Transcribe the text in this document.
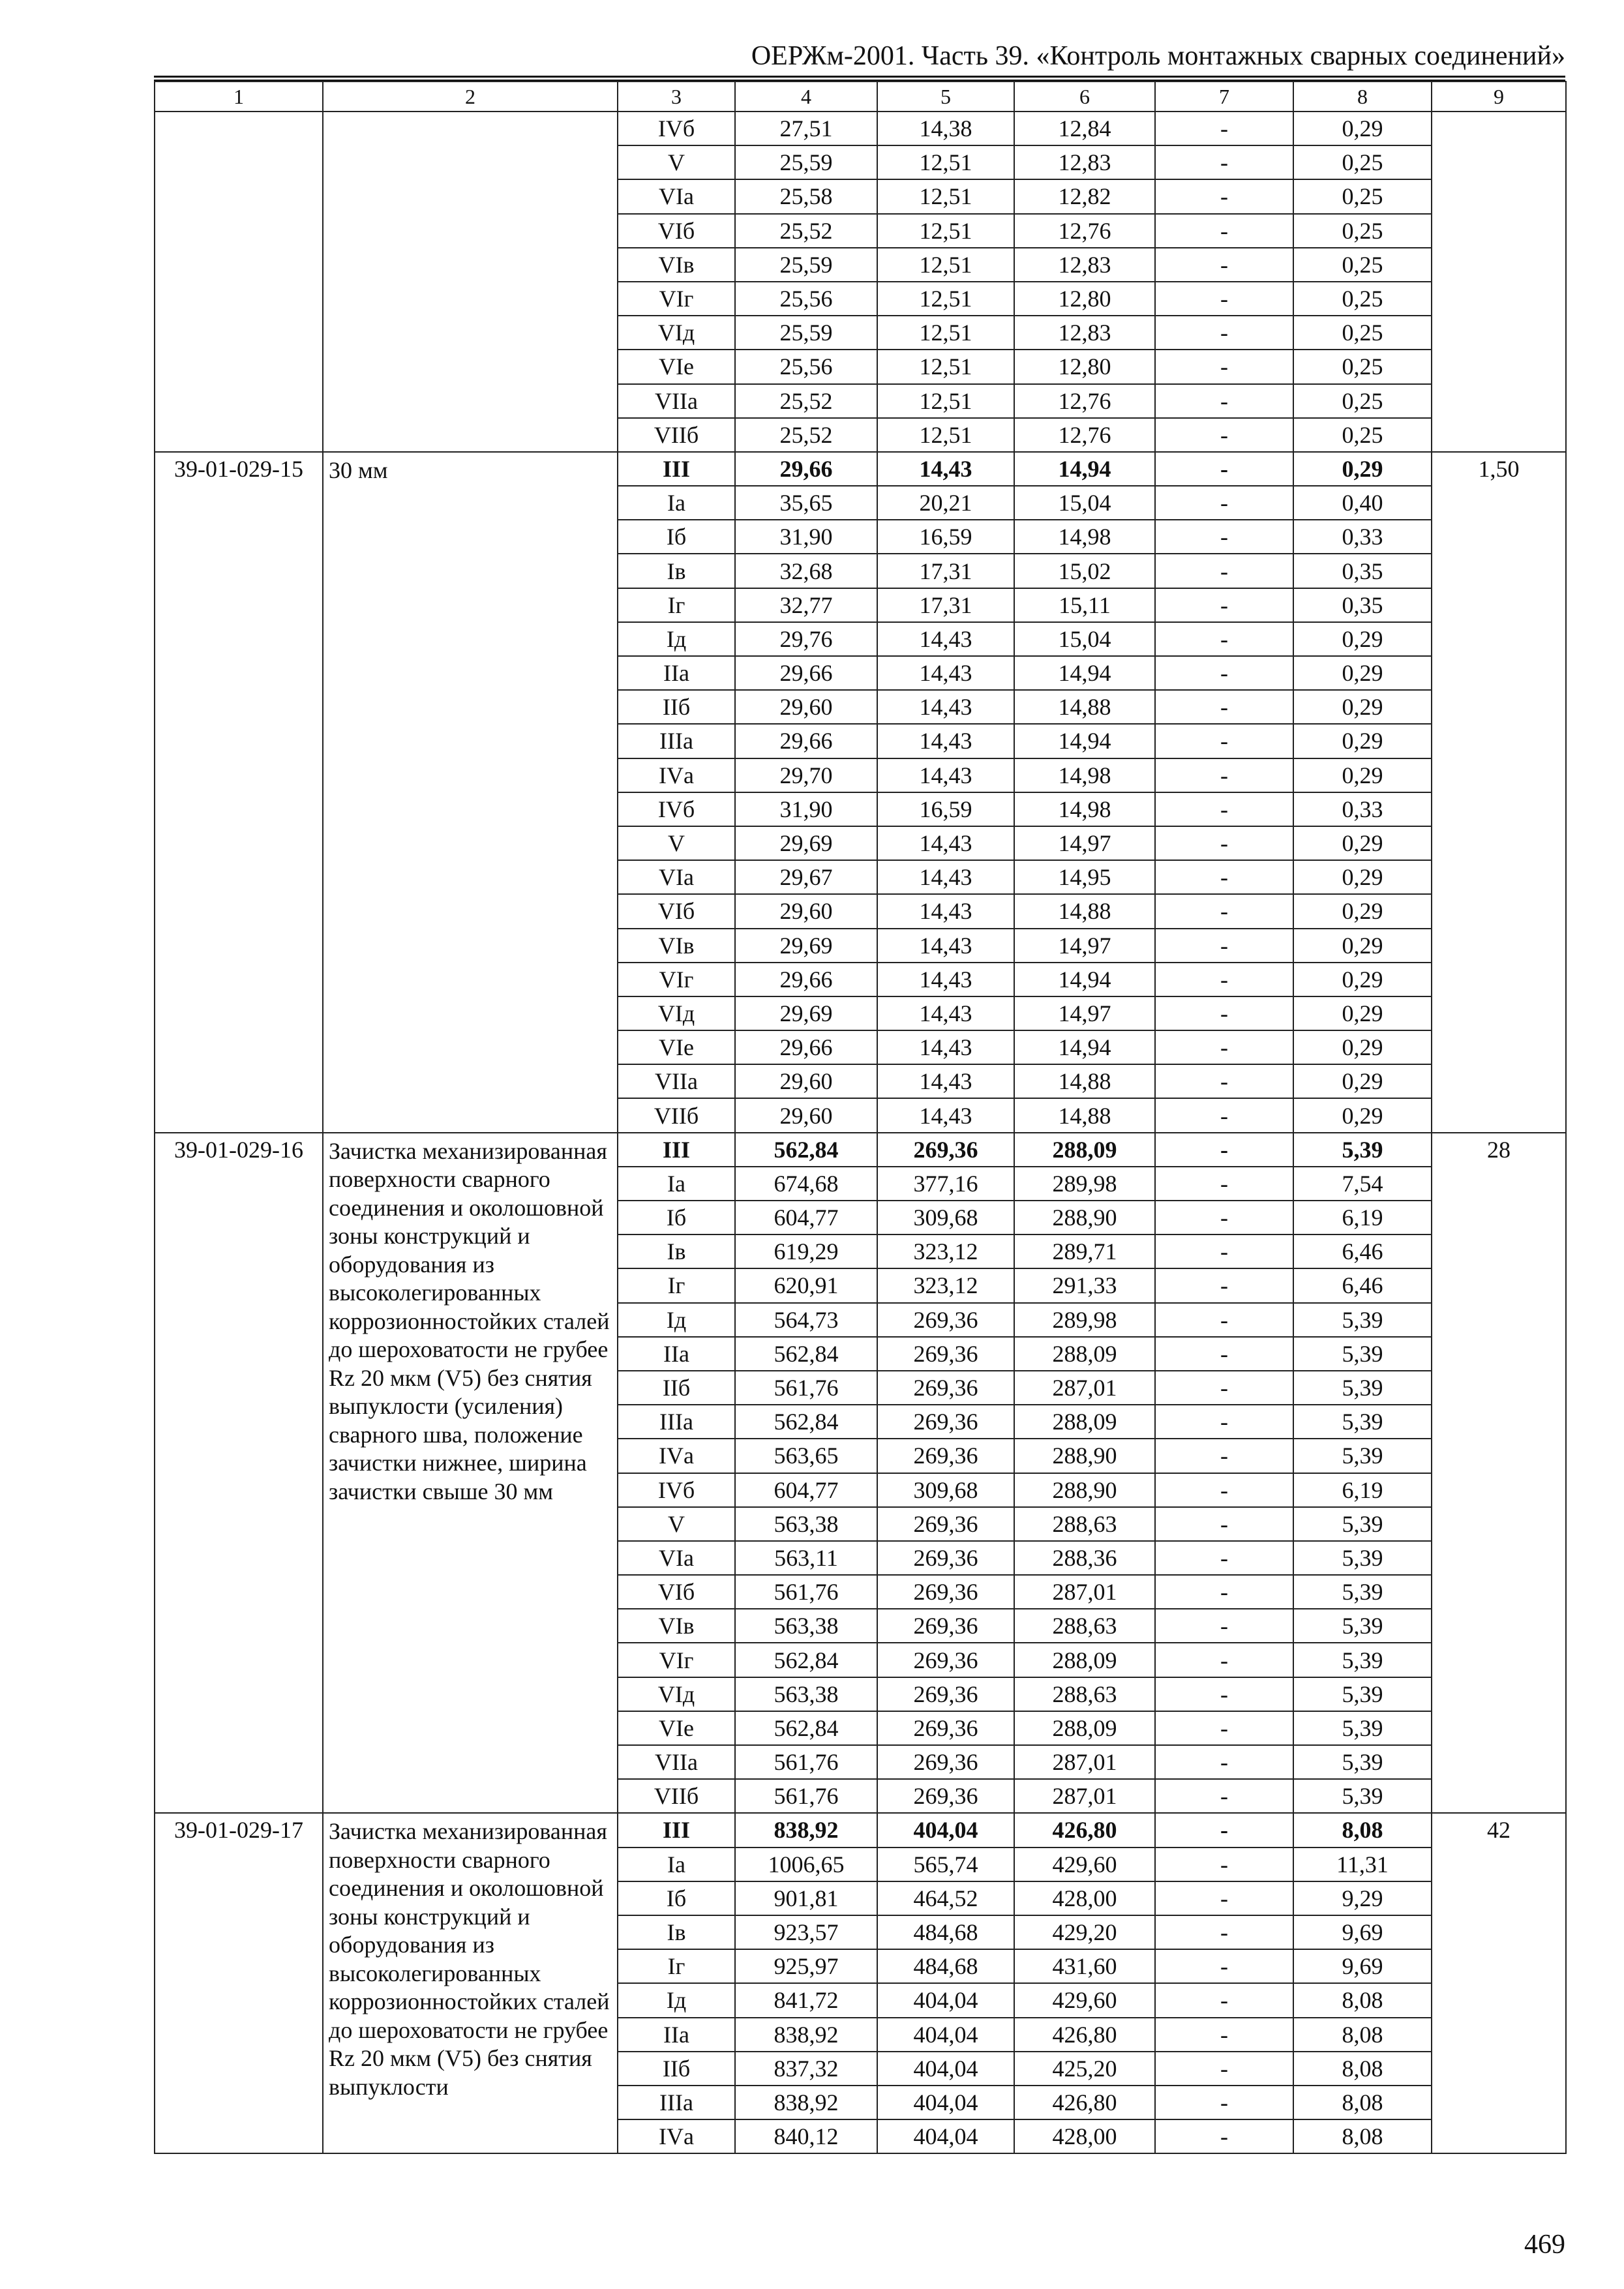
ОЕРЖм-2001. Часть 39. «Контроль монтажных сварных соединений»
1	2	3	4	5	6	7	8	9
		IVб	27,51	14,38	12,84	-	0,29	
		V	25,59	12,51	12,83	-	0,25	
		VIа	25,58	12,51	12,82	-	0,25	
		VIб	25,52	12,51	12,76	-	0,25	
		VIв	25,59	12,51	12,83	-	0,25	
		VIг	25,56	12,51	12,80	-	0,25	
		VIд	25,59	12,51	12,83	-	0,25	
		VIе	25,56	12,51	12,80	-	0,25	
		VIIа	25,52	12,51	12,76	-	0,25	
		VIIб	25,52	12,51	12,76	-	0,25	
39-01-029-15	30 мм	III	29,66	14,43	14,94	-	0,29	1,50
		Iа	35,65	20,21	15,04	-	0,40	
		Iб	31,90	16,59	14,98	-	0,33	
		Iв	32,68	17,31	15,02	-	0,35	
		Iг	32,77	17,31	15,11	-	0,35	
		Iд	29,76	14,43	15,04	-	0,29	
		IIа	29,66	14,43	14,94	-	0,29	
		IIб	29,60	14,43	14,88	-	0,29	
		IIIа	29,66	14,43	14,94	-	0,29	
		IVа	29,70	14,43	14,98	-	0,29	
		IVб	31,90	16,59	14,98	-	0,33	
		V	29,69	14,43	14,97	-	0,29	
		VIа	29,67	14,43	14,95	-	0,29	
		VIб	29,60	14,43	14,88	-	0,29	
		VIв	29,69	14,43	14,97	-	0,29	
		VIг	29,66	14,43	14,94	-	0,29	
		VIд	29,69	14,43	14,97	-	0,29	
		VIе	29,66	14,43	14,94	-	0,29	
		VIIа	29,60	14,43	14,88	-	0,29	
		VIIб	29,60	14,43	14,88	-	0,29	
39-01-029-16	Зачистка механизированная поверхности сварного соединения и околошовной зоны конструкций и оборудования из высоколегированных коррозионностойких сталей до шероховатости не грубее Rz 20 мкм (V5) без снятия выпуклости (усиления) сварного шва, положение зачистки нижнее, ширина зачистки свыше 30 мм	III	562,84	269,36	288,09	-	5,39	28
		Iа	674,68	377,16	289,98	-	7,54	
		Iб	604,77	309,68	288,90	-	6,19	
		Iв	619,29	323,12	289,71	-	6,46	
		Iг	620,91	323,12	291,33	-	6,46	
		Iд	564,73	269,36	289,98	-	5,39	
		IIа	562,84	269,36	288,09	-	5,39	
		IIб	561,76	269,36	287,01	-	5,39	
		IIIа	562,84	269,36	288,09	-	5,39	
		IVа	563,65	269,36	288,90	-	5,39	
		IVб	604,77	309,68	288,90	-	6,19	
		V	563,38	269,36	288,63	-	5,39	
		VIа	563,11	269,36	288,36	-	5,39	
		VIб	561,76	269,36	287,01	-	5,39	
		VIв	563,38	269,36	288,63	-	5,39	
		VIг	562,84	269,36	288,09	-	5,39	
		VIд	563,38	269,36	288,63	-	5,39	
		VIе	562,84	269,36	288,09	-	5,39	
		VIIа	561,76	269,36	287,01	-	5,39	
		VIIб	561,76	269,36	287,01	-	5,39	
39-01-029-17	Зачистка механизированная поверхности сварного соединения и околошовной зоны конструкций и оборудования из высоколегированных коррозионностойких сталей до шероховатости не грубее Rz 20 мкм (V5) без снятия выпуклости	III	838,92	404,04	426,80	-	8,08	42
		Iа	1006,65	565,74	429,60	-	11,31	
		Iб	901,81	464,52	428,00	-	9,29	
		Iв	923,57	484,68	429,20	-	9,69	
		Iг	925,97	484,68	431,60	-	9,69	
		Iд	841,72	404,04	429,60	-	8,08	
		IIа	838,92	404,04	426,80	-	8,08	
		IIб	837,32	404,04	425,20	-	8,08	
		IIIа	838,92	404,04	426,80	-	8,08	
		IVа	840,12	404,04	428,00	-	8,08	
469
